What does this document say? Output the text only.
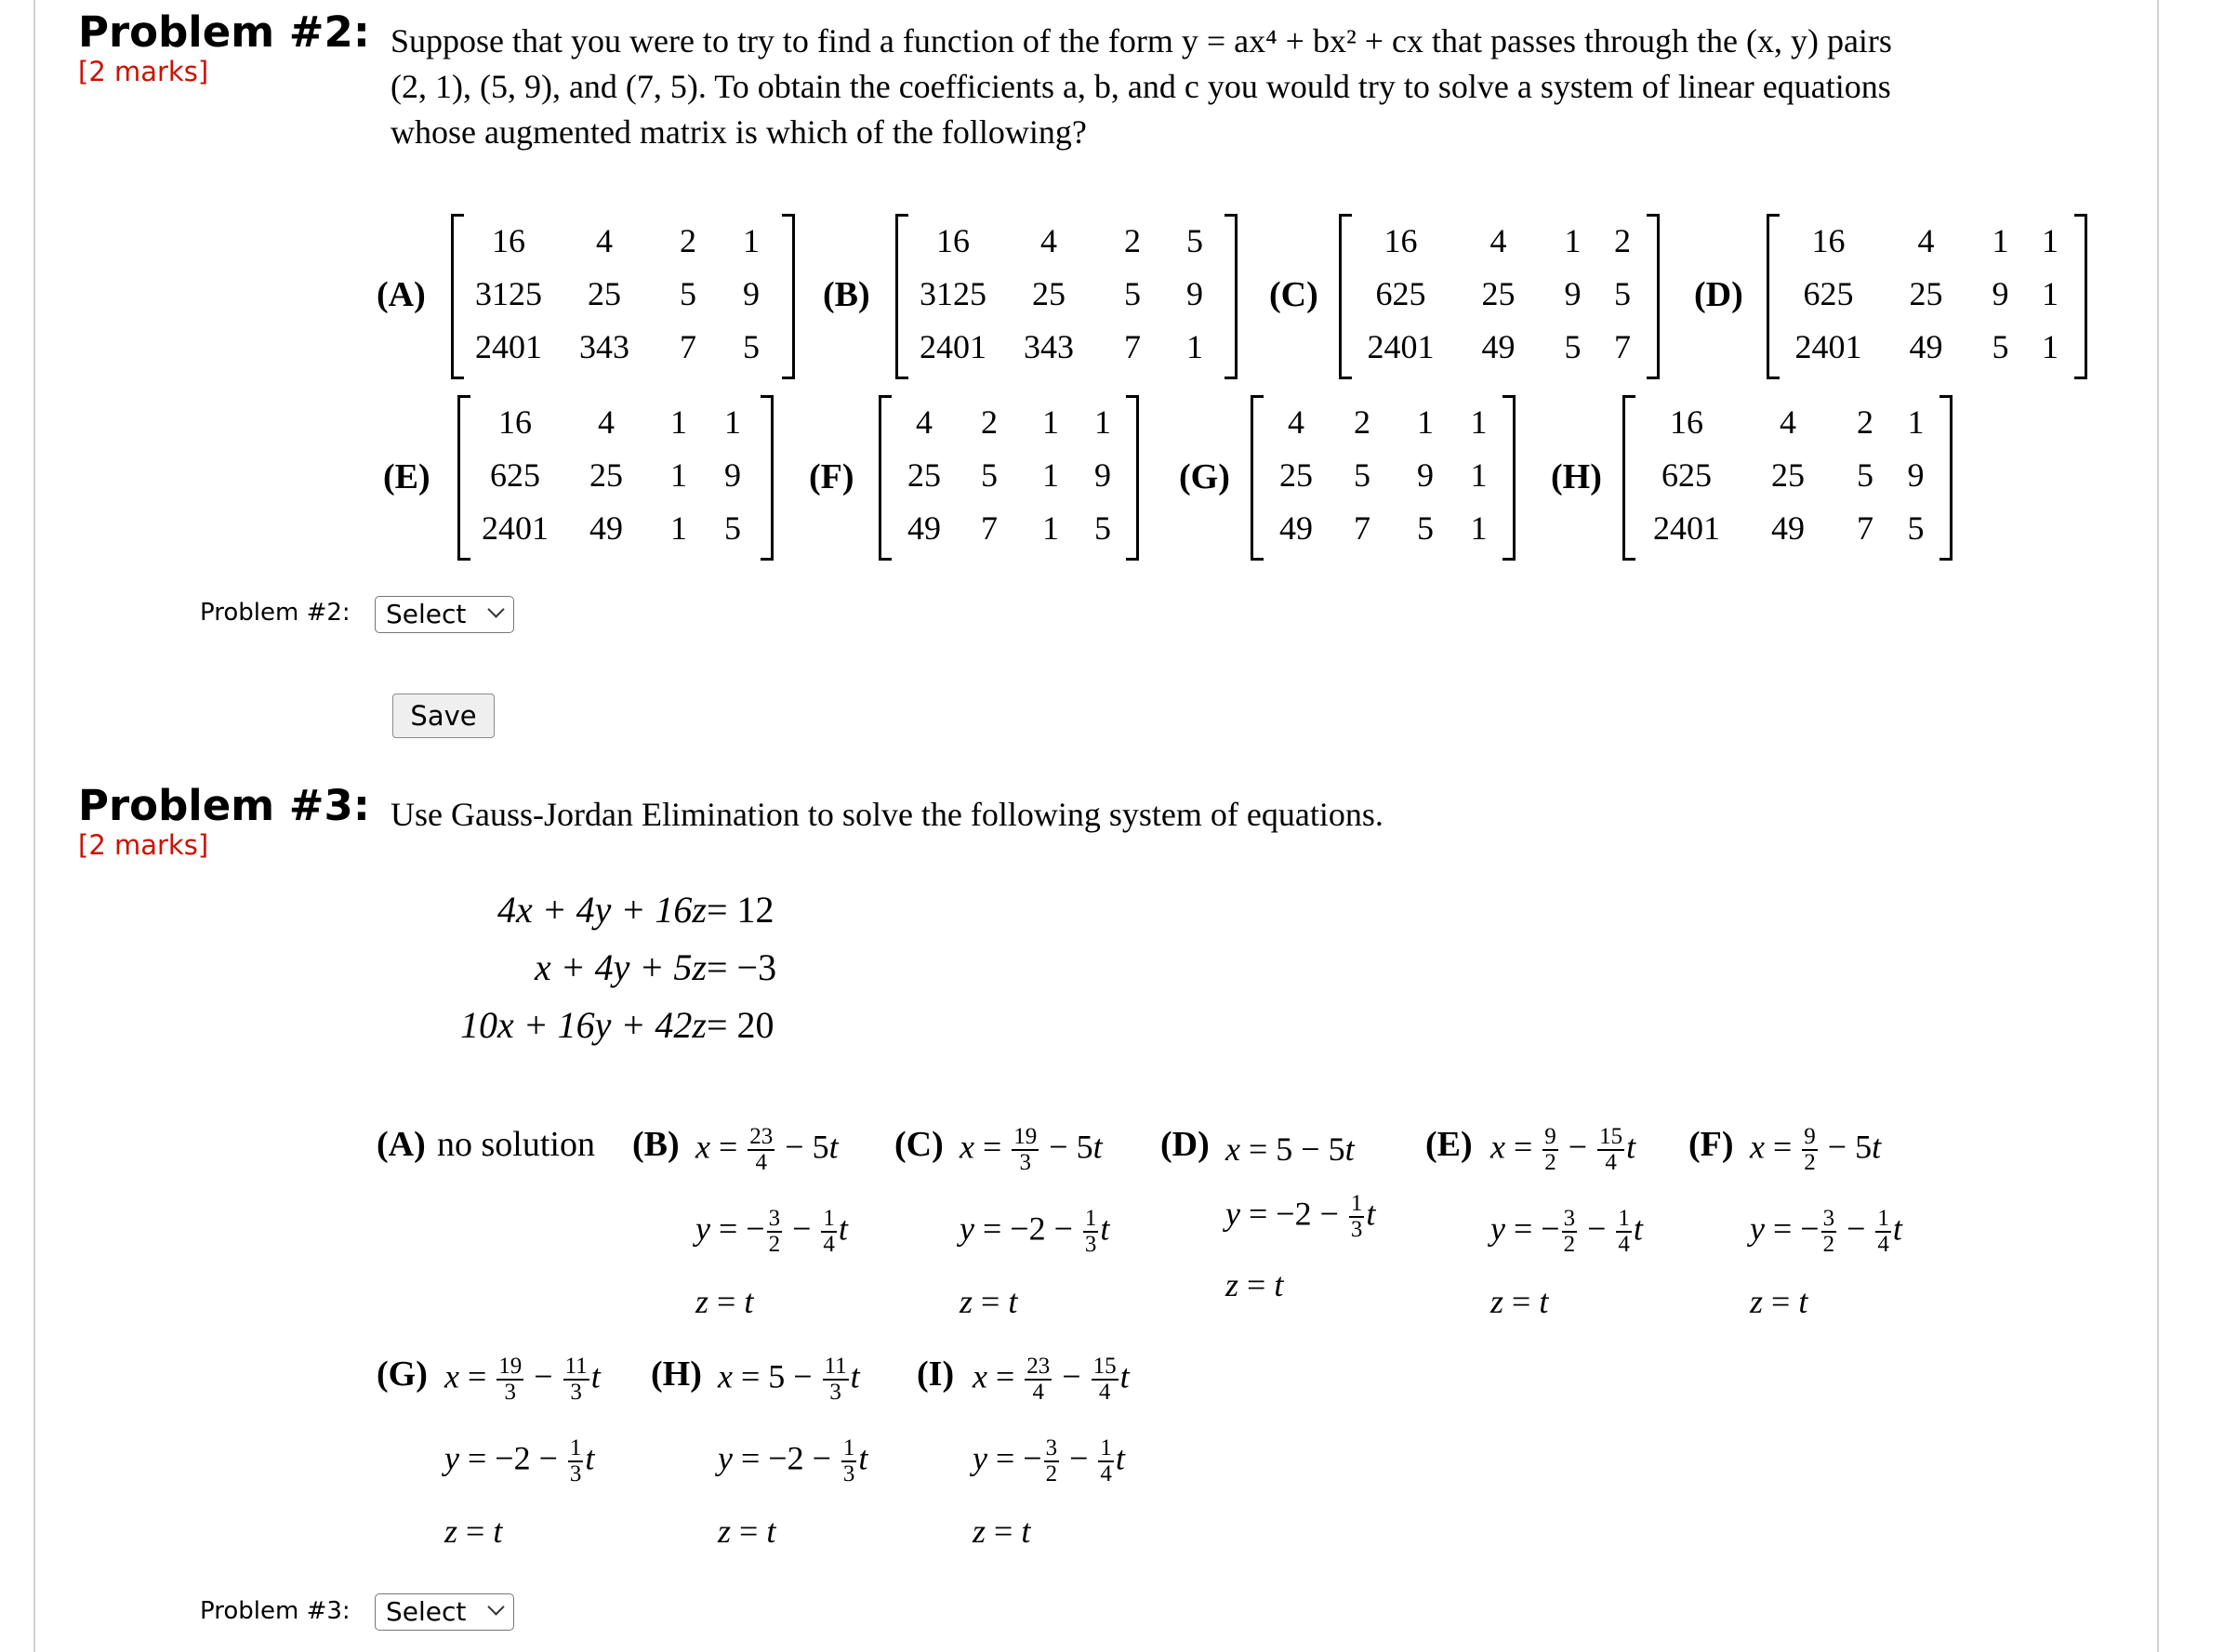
Problem #2:
[2 marks]
Suppose that you were to try to find a function of the form y = ax⁴ + bx² + cx that passes through the (x, y) pairs
(2, 1), (5, 9), and (7, 5). To obtain the coefficients a, b, and c you would try to solve a system of linear equations
whose augmented matrix is which of the following?
(A)
16	4	2	1
3125	25	5	9
2401	343	7	5
(B)
16	4	2	5
3125	25	5	9
2401	343	7	1
(C)
16	4	1	2
625	25	9	5
2401	49	5	7
(D)
16	4	1	1
625	25	9	1
2401	49	5	1
(E)
16	4	1	1
625	25	1	9
2401	49	1	5
(F)
4	2	1	1
25	5	1	9
49	7	1	5
(G)
4	2	1	1
25	5	9	1
49	7	5	1
(H)
16	4	2	1
625	25	5	9
2401	49	7	5
Problem #2:	Select
Save
Problem #3:
[2 marks]
Use Gauss-Jordan Elimination to solve the following system of equations.
4x + 4y + 16z = 12
x + 4y + 5z = −3
10x + 16y + 42z = 20
(A) no solution (B) $x = \frac{23}{4} - 5t$
y = − $\frac{3}{2} - \frac{1}{4}$ t
z = t
(C) $x = \frac{19}{3} - 5t$
$y = -2 - \frac{1}{3}$ t
z = t
(D) x = 5 − 5t
$y = -2 - \frac{1}{3}$ t
z = t
(E) $x = \frac{9}{2} - \frac{15}{4}$ t
y = − $\frac{3}{2} - \frac{1}{4}$ t
z = t
(F) $x = \frac{9}{2} - 5t$
y = − $\frac{3}{2} - \frac{1}{4}$ t
z = t
(G) $x = \frac{19}{3} - \frac{11}{3}$ t
$y = -2 - \frac{1}{3}$ t
z = t
(H) $x = 5 - \frac{11}{3}$ t
$y = -2 - \frac{1}{3}$ t
z = t
(I) $x = \frac{23}{4} - \frac{15}{4}$ t
y = − $\frac{3}{2} - \frac{1}{4}$ t
z = t
Problem #3:	Select
